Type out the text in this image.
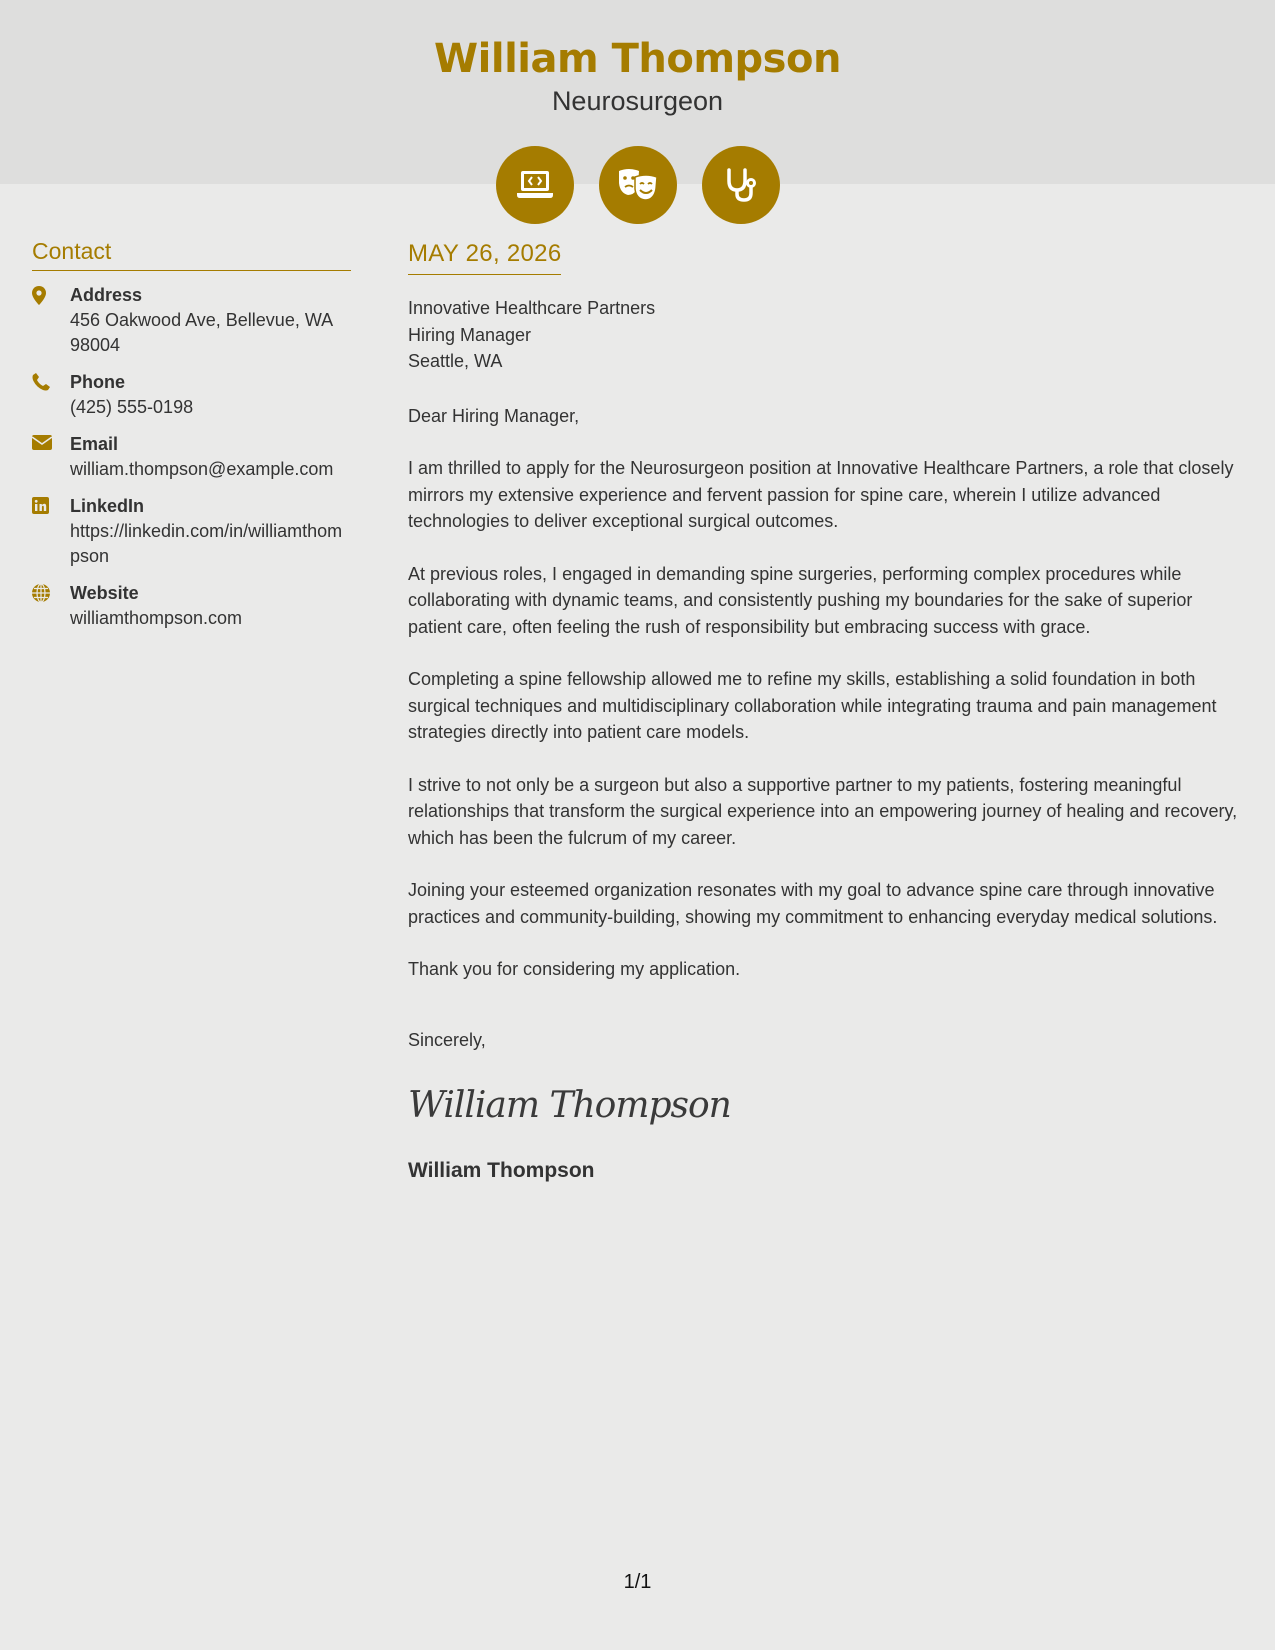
William Thompson
Neurosurgeon
Contact
Address
456 Oakwood Ave, Bellevue, WA 98004
Phone
(425) 555-0198
Email
william.thompson@example.com
LinkedIn
https://linkedin.com/in/williamthompson
Website
williamthompson.com
MAY 26, 2026
Innovative Healthcare Partners
Hiring Manager
Seattle, WA
Dear Hiring Manager,
I am thrilled to apply for the Neurosurgeon position at Innovative Healthcare Partners, a role that closely mirrors my extensive experience and fervent passion for spine care, wherein I utilize advanced technologies to deliver exceptional surgical outcomes.
At previous roles, I engaged in demanding spine surgeries, performing complex procedures while collaborating with dynamic teams, and consistently pushing my boundaries for the sake of superior patient care, often feeling the rush of responsibility but embracing success with grace.
Completing a spine fellowship allowed me to refine my skills, establishing a solid foundation in both surgical techniques and multidisciplinary collaboration while integrating trauma and pain management strategies directly into patient care models.
I strive to not only be a surgeon but also a supportive partner to my patients, fostering meaningful relationships that transform the surgical experience into an empowering journey of healing and recovery, which has been the fulcrum of my career.
Joining your esteemed organization resonates with my goal to advance spine care through innovative practices and community-building, showing my commitment to enhancing everyday medical solutions.
Thank you for considering my application.
Sincerely,
William Thompson
William Thompson
1/1
